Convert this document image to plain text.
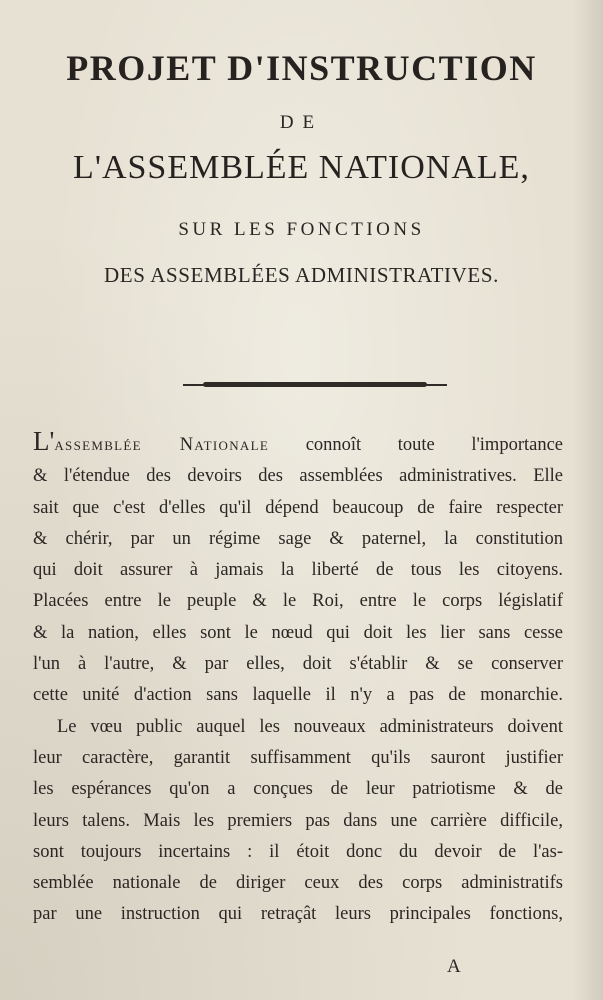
PROJET D'INSTRUCTION
DE
L'ASSEMBLÉE NATIONALE,
SUR LES FONCTIONS
DES ASSEMBLÉES ADMINISTRATIVES.
L'assemblée Nationale connoît toute l'importance
& l'étendue des devoirs des assemblées administratives. Elle
sait que c'est d'elles qu'il dépend beaucoup de faire respecter
& chérir, par un régime sage & paternel, la constitution
qui doit assurer à jamais la liberté de tous les citoyens.
Placées entre le peuple & le Roi, entre le corps législatif
& la nation, elles sont le nœud qui doit les lier sans cesse
l'un à l'autre, & par elles, doit s'établir & se conserver
cette unité d'action sans laquelle il n'y a pas de monarchie.
Le vœu public auquel les nouveaux administrateurs doivent
leur caractère, garantit suffisamment qu'ils sauront justifier
les espérances qu'on a conçues de leur patriotisme & de
leurs talens. Mais les premiers pas dans une carrière difficile,
sont toujours incertains : il étoit donc du devoir de l'as-
semblée nationale de diriger ceux des corps administratifs
par une instruction qui retraçât leurs principales fonctions,
A
